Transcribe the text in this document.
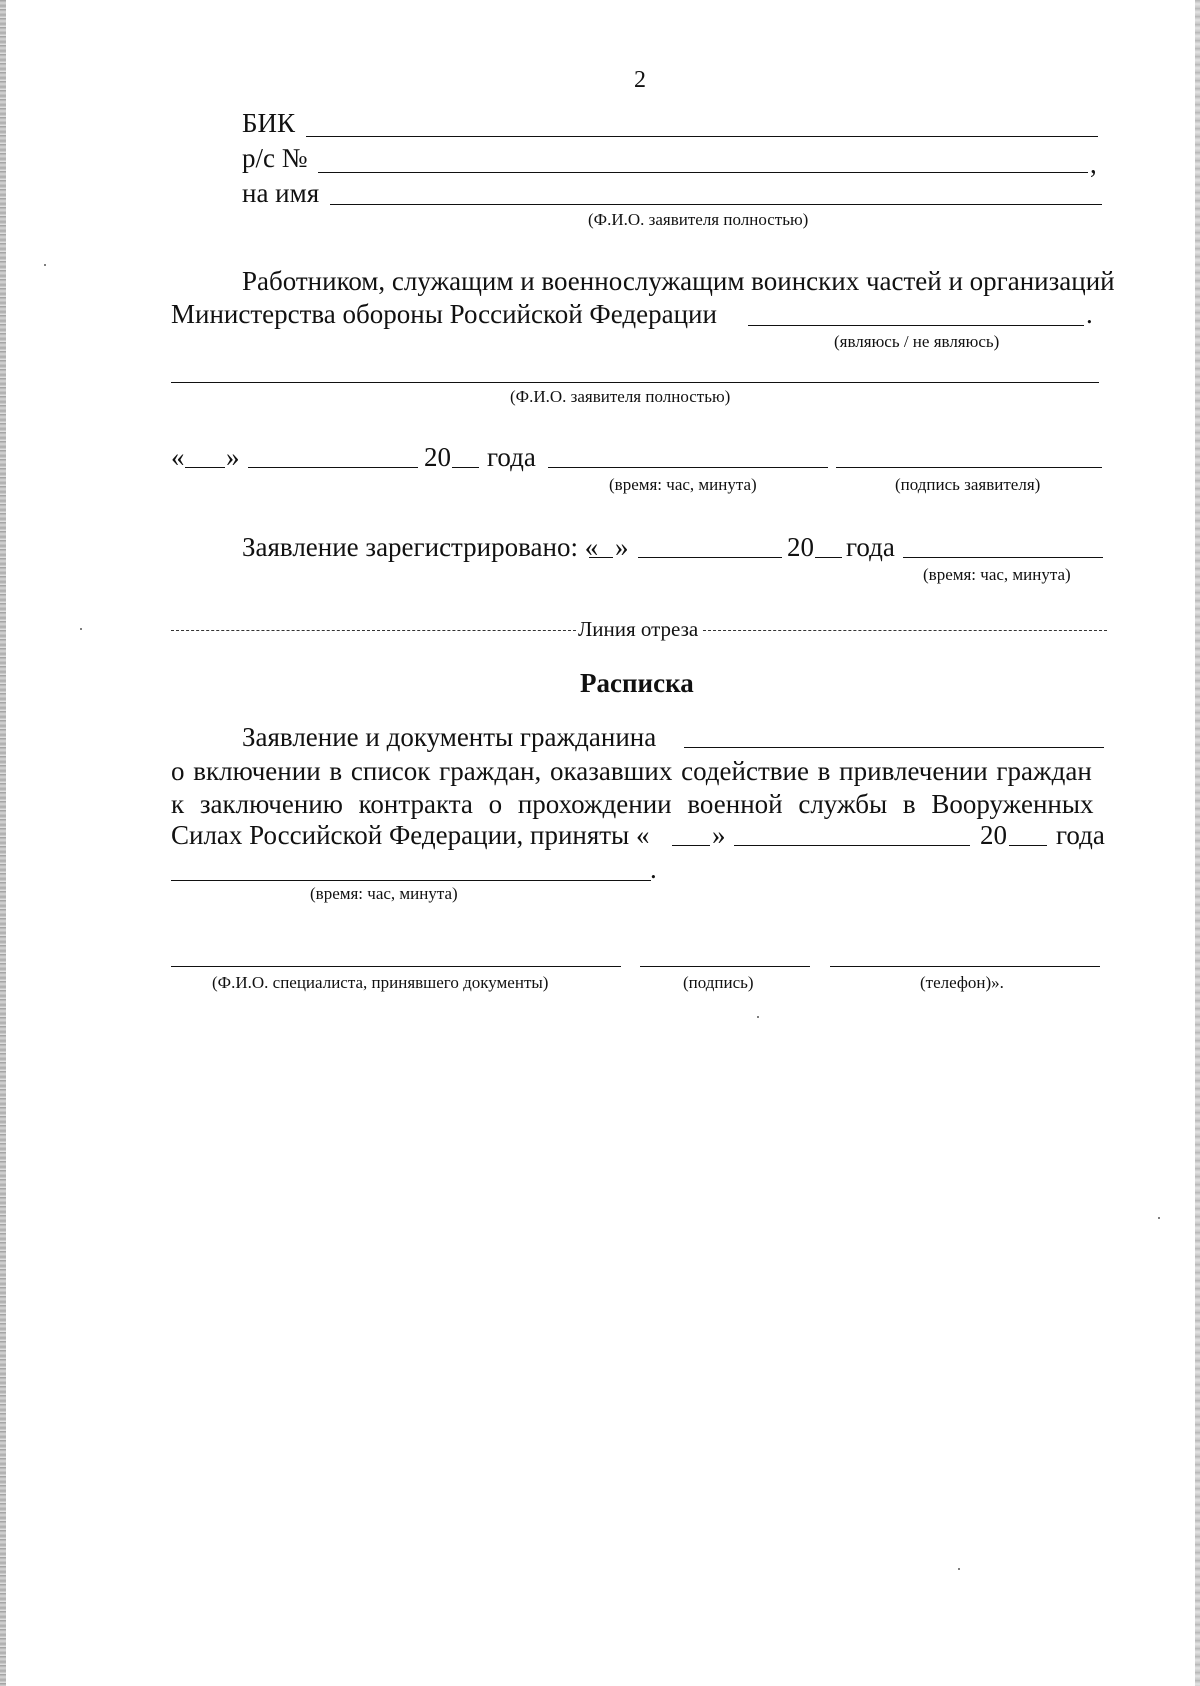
2
БИК
р/с №	,
на имя
(Ф.И.О. заявителя полностью)
Работником, служащим и военнослужащим воинских частей и организаций
Министерства обороны Российской Федерации	.
(являюсь / не являюсь)
(Ф.И.О. заявителя полностью)
« »	20 года
(время: час, минута)	(подпись заявителя)
Заявление зарегистрировано: « »	20 года
(время: час, минута)
Линия отреза
Расписка
Заявление и документы гражданина
о включении в список граждан, оказавших содействие в привлечении граждан
к заключению контракта о прохождении военной службы в Вооруженных
Силах Российской Федерации, приняты « »	20 года
.
(время: час, минута)
(Ф.И.О. специалиста, принявшего документы)	(подпись)	(телефон)».
